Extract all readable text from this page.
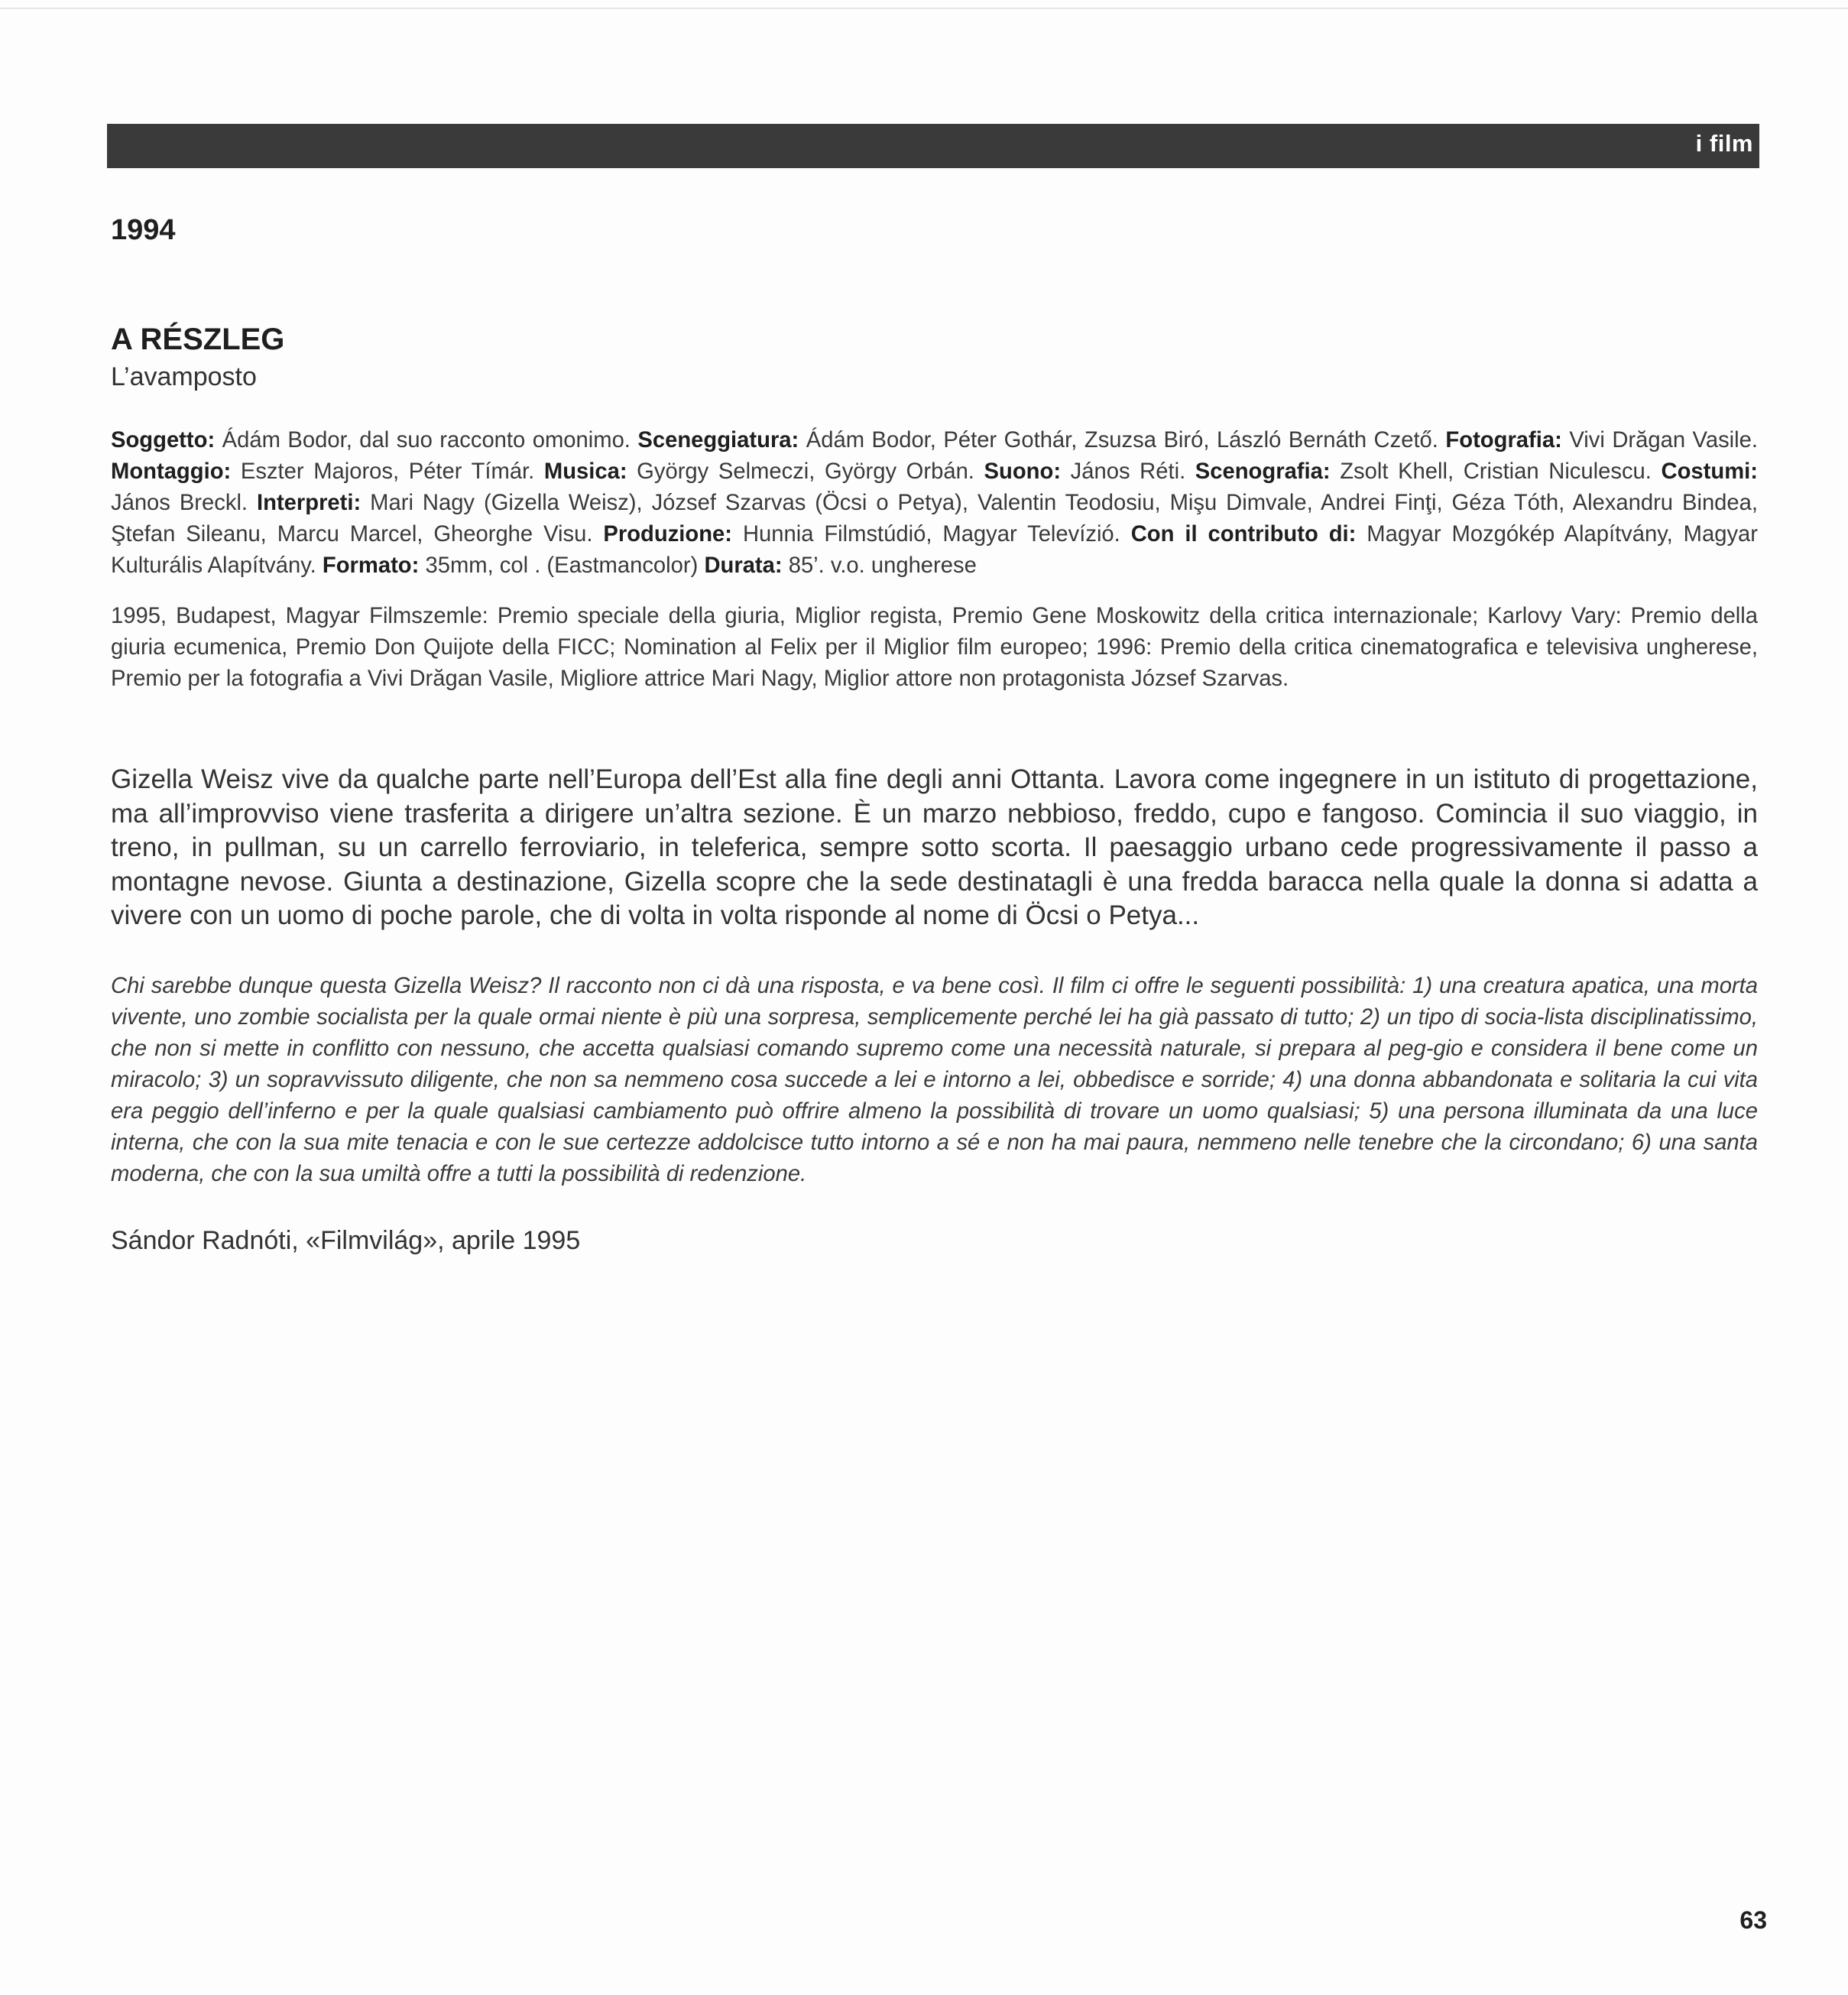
i film
1994
A RÉSZLEG
L’avamposto
Soggetto: Ádám Bodor, dal suo racconto omonimo. Sceneggiatura: Ádám Bodor, Péter Gothár, Zsuzsa Biró, László Bernáth Czető. Fotografia: Vivi Drăgan Vasile. Montaggio: Eszter Majoros, Péter Tímár. Musica: György Selmeczi, György Orbán. Suono: János Réti. Scenografia: Zsolt Khell, Cristian Niculescu. Costumi: János Breckl. Interpreti: Mari Nagy (Gizella Weisz), József Szarvas (Öcsi o Petya), Valentin Teodosiu, Mişu Dimvale, Andrei Finţi, Géza Tóth, Alexandru Bindea, Ştefan Sileanu, Marcu Marcel, Gheorghe Visu. Produzione: Hunnia Filmstúdió, Magyar Televízió. Con il contributo di: Magyar Mozgókép Alapítvány, Magyar Kulturális Alapítvány. Formato: 35mm, col . (Eastmancolor) Durata: 85’. v.o. ungherese
1995, Budapest, Magyar Filmszemle: Premio speciale della giuria, Miglior regista, Premio Gene Moskowitz della critica internazionale; Karlovy Vary: Premio della giuria ecumenica, Premio Don Quijote della FICC; Nomination al Felix per il Miglior film europeo; 1996: Premio della critica cinematografica e televisiva ungherese, Premio per la fotografia a Vivi Drăgan Vasile, Migliore attrice Mari Nagy, Miglior attore non protagonista József Szarvas.
Gizella Weisz vive da qualche parte nell’Europa dell’Est alla fine degli anni Ottanta. Lavora come ingegnere in un istituto di progettazione, ma all’improvviso viene trasferita a dirigere un’altra sezione. È un marzo nebbioso, freddo, cupo e fangoso. Comincia il suo viaggio, in treno, in pullman, su un carrello ferroviario, in teleferica, sempre sotto scorta. Il paesaggio urbano cede progressivamente il passo a montagne nevose. Giunta a destinazione, Gizella scopre che la sede destinatagli è una fredda baracca nella quale la donna si adatta a vivere con un uomo di poche parole, che di volta in volta risponde al nome di Öcsi o Petya...
Chi sarebbe dunque questa Gizella Weisz? Il racconto non ci dà una risposta, e va bene così. Il film ci offre le seguenti possibilità: 1) una creatura apatica, una morta vivente, uno zombie socialista per la quale ormai niente è più una sorpresa, semplicemente perché lei ha già passato di tutto; 2) un tipo di socia-lista disciplinatissimo, che non si mette in conflitto con nessuno, che accetta qualsiasi comando supremo come una necessità naturale, si prepara al peg-gio e considera il bene come un miracolo; 3) un sopravvissuto diligente, che non sa nemmeno cosa succede a lei e intorno a lei, obbedisce e sorride; 4) una donna abbandonata e solitaria la cui vita era peggio dell’inferno e per la quale qualsiasi cambiamento può offrire almeno la possibilità di trovare un uomo qualsiasi; 5) una persona illuminata da una luce interna, che con la sua mite tenacia e con le sue certezze addolcisce tutto intorno a sé e non ha mai paura, nemmeno nelle tenebre che la circondano; 6) una santa moderna, che con la sua umiltà offre a tutti la possibilità di redenzione.
Sándor Radnóti, «Filmvilág», aprile 1995
63
